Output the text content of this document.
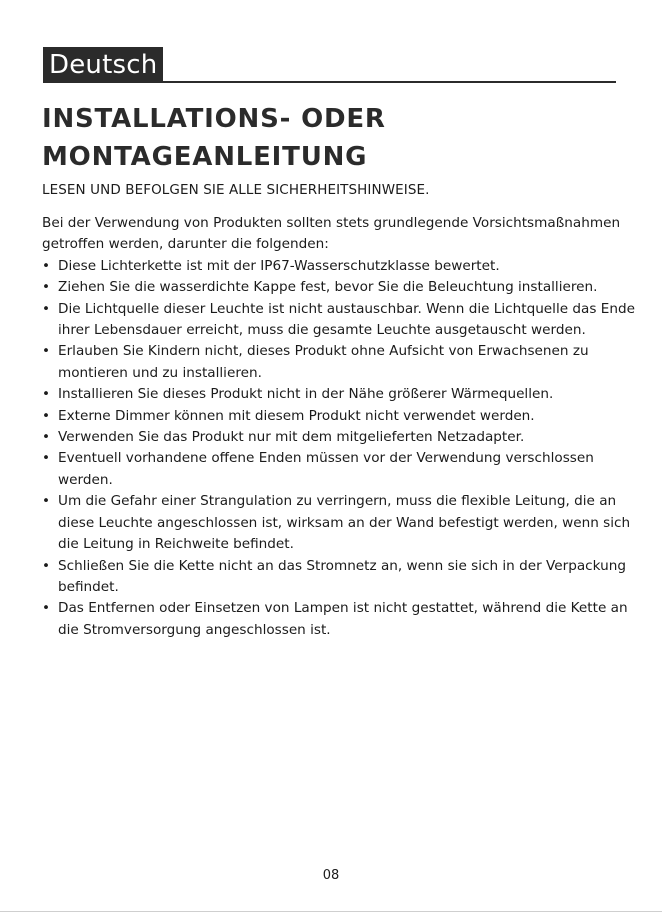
Deutsch
INSTALLATIONS- ODER
MONTAGEANLEITUNG
LESEN UND BEFOLGEN SIE ALLE SICHERHEITSHINWEISE.

Bei der Verwendung von Produkten sollten stets grundlegende Vorsichtsmaßnahmen getroffen werden, darunter die folgenden:

• Diese Lichterkette ist mit der IP67-Wasserschutzklasse bewertet.
• Ziehen Sie die wasserdichte Kappe fest, bevor Sie die Beleuchtung installieren.
• Die Lichtquelle dieser Leuchte ist nicht austauschbar. Wenn die Lichtquelle das Ende ihrer Lebensdauer erreicht, muss die gesamte Leuchte ausgetauscht werden.
• Erlauben Sie Kindern nicht, dieses Produkt ohne Aufsicht von Erwachsenen zu montieren und zu installieren.
• Installieren Sie dieses Produkt nicht in der Nähe größerer Wärmequellen.
• Externe Dimmer können mit diesem Produkt nicht verwendet werden.
• Verwenden Sie das Produkt nur mit dem mitgelieferten Netzadapter.
• Eventuell vorhandene offene Enden müssen vor der Verwendung verschlossen werden.
• Um die Gefahr einer Strangulation zu verringern, muss die flexible Leitung, die an diese Leuchte angeschlossen ist, wirksam an der Wand befestigt werden, wenn sich die Leitung in Reichweite befindet.
• Schließen Sie die Kette nicht an das Stromnetz an, wenn sie sich in der Verpackung befindet.
• Das Entfernen oder Einsetzen von Lampen ist nicht gestattet, während die Kette an die Stromversorgung angeschlossen ist.
08
